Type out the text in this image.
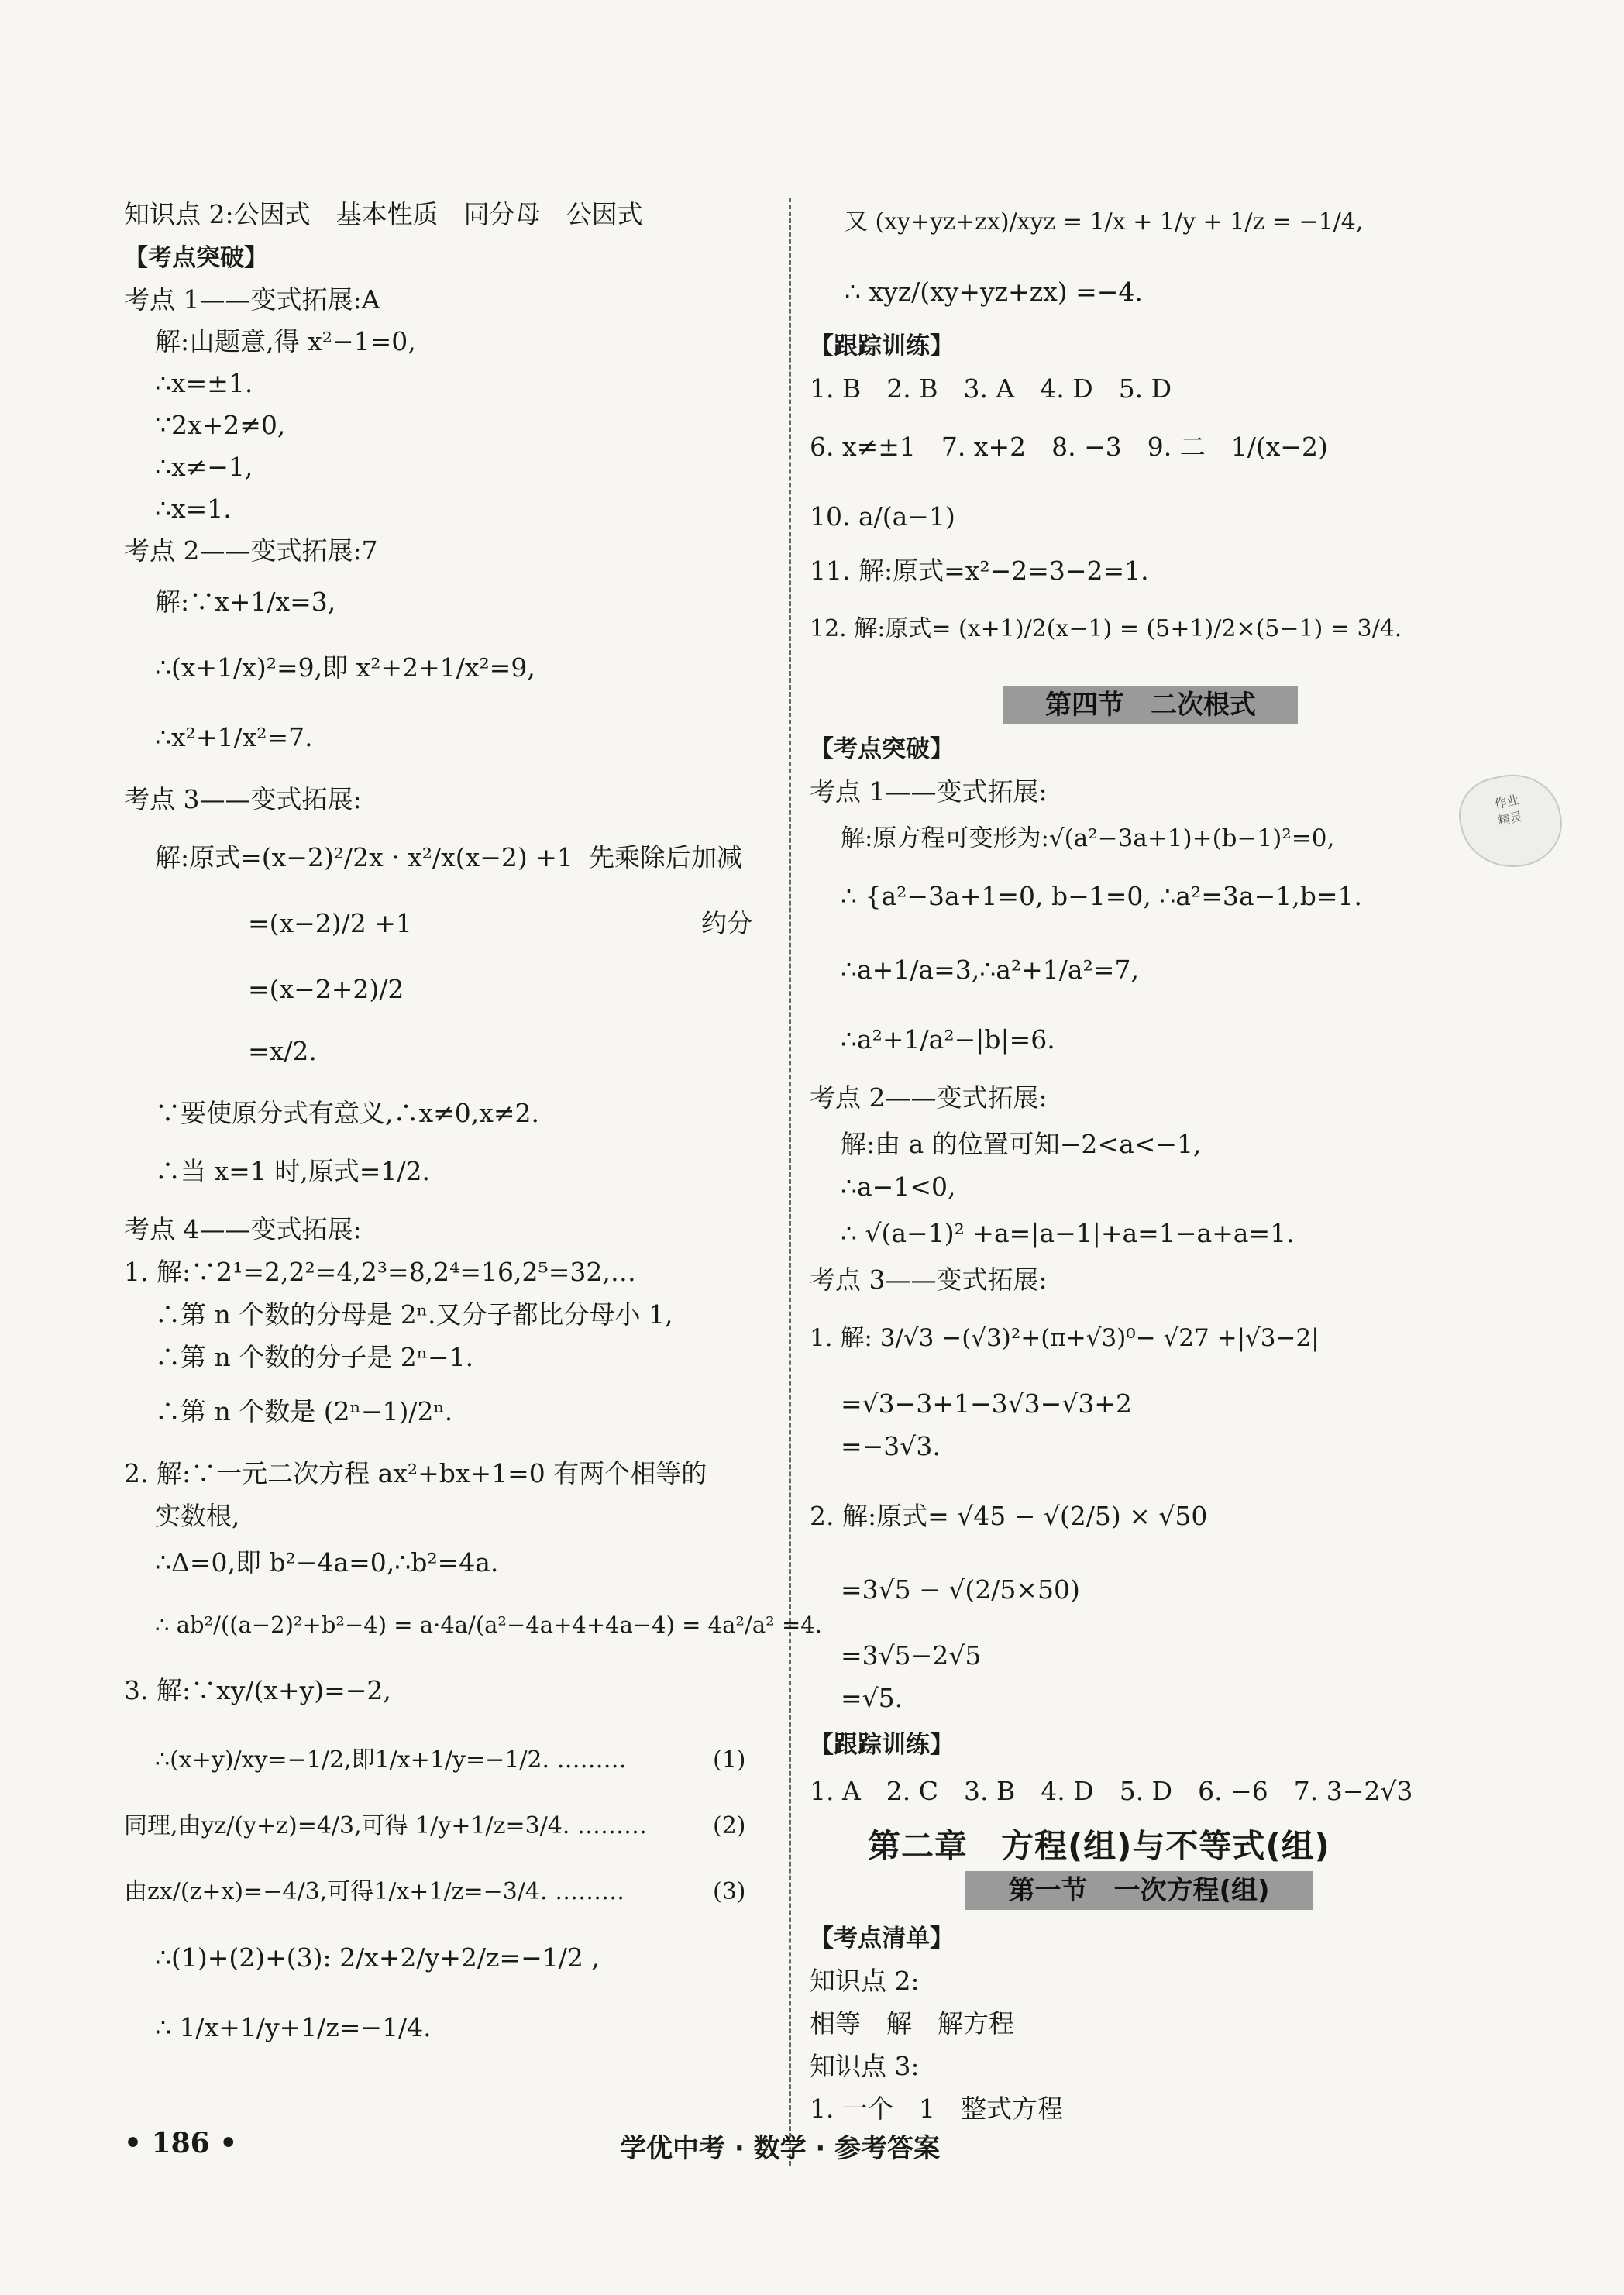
知识点 2:公因式　基本性质　同分母　公因式
【考点突破】
考点 1——变式拓展:A
解:由题意,得 x²−1=0,
∴x=±1.
∵2x+2≠0,
∴x≠−1,
∴x=1.
考点 2——变式拓展:7
解:∵x+1/x=3,
∴(x+1/x)²=9,即 x²+2+1/x²=9,
∴x²+1/x²=7.
考点 3——变式拓展:
解:原式=(x−2)²/2x · x²/x(x−2) +1 先乘除后加减
=(x−2)/2 +1	约分
=(x−2+2)/2
=x/2.
∵要使原分式有意义,∴x≠0,x≠2.
∴当 x=1 时,原式=1/2.
考点 4——变式拓展:
1. 解:∵2¹=2,2²=4,2³=8,2⁴=16,2⁵=32,…
∴第 n 个数的分母是 2ⁿ.又分子都比分母小 1,
∴第 n 个数的分子是 2ⁿ−1.
∴第 n 个数是 (2ⁿ−1)/2ⁿ.
2. 解:∵一元二次方程 ax²+bx+1=0 有两个相等的
实数根,
∴Δ=0,即 b²−4a=0,∴b²=4a.
∴ ab²/((a−2)²+b²−4) = a·4a/(a²−4a+4+4a−4) = 4a²/a² =4.
3. 解:∵xy/(x+y)=−2,
∴(x+y)/xy=−1/2,即1/x+1/y=−1/2. ………	(1)
同理,由yz/(y+z)=4/3,可得 1/y+1/z=3/4. ………	(2)
由zx/(z+x)=−4/3,可得1/x+1/z=−3/4. ………	(3)
∴(1)+(2)+(3): 2/x+2/y+2/z=−1/2 ,
∴ 1/x+1/y+1/z=−1/4.
又 (xy+yz+zx)/xyz = 1/x + 1/y + 1/z = −1/4,
∴ xyz/(xy+yz+zx) =−4.
【跟踪训练】
1. B　2. B　3. A　4. D　5. D
6. x≠±1　7. x+2　8. −3　9. 二　1/(x−2)
10. a/(a−1)
11. 解:原式=x²−2=3−2=1.
12. 解:原式= (x+1)/2(x−1) = (5+1)/2×(5−1) = 3/4.
第四节　二次根式
【考点突破】
考点 1——变式拓展:
解:原方程可变形为:√(a²−3a+1)+(b−1)²=0,
∴ {a²−3a+1=0, b−1=0, ∴a²=3a−1,b=1.
∴a+1/a=3,∴a²+1/a²=7,
∴a²+1/a²−|b|=6.
考点 2——变式拓展:
解:由 a 的位置可知−2<a<−1,
∴a−1<0,
∴ √(a−1)² +a=|a−1|+a=1−a+a=1.
考点 3——变式拓展:
1. 解: 3/√3 −(√3)²+(π+√3)⁰− √27 +|√3−2|
=√3−3+1−3√3−√3+2
=−3√3.
2. 解:原式= √45 − √(2/5) × √50
=3√5 − √(2/5×50)
=3√5−2√5
=√5.
【跟踪训练】
1. A　2. C　3. B　4. D　5. D　6. −6　7. 3−2√3
第二章　方程(组)与不等式(组)
第一节　一次方程(组)
【考点清单】
知识点 2:
相等　解　解方程
知识点 3:
1. 一个　1　整式方程
作业
精灵
• 186 •	学优中考 · 数学 · 参考答案
